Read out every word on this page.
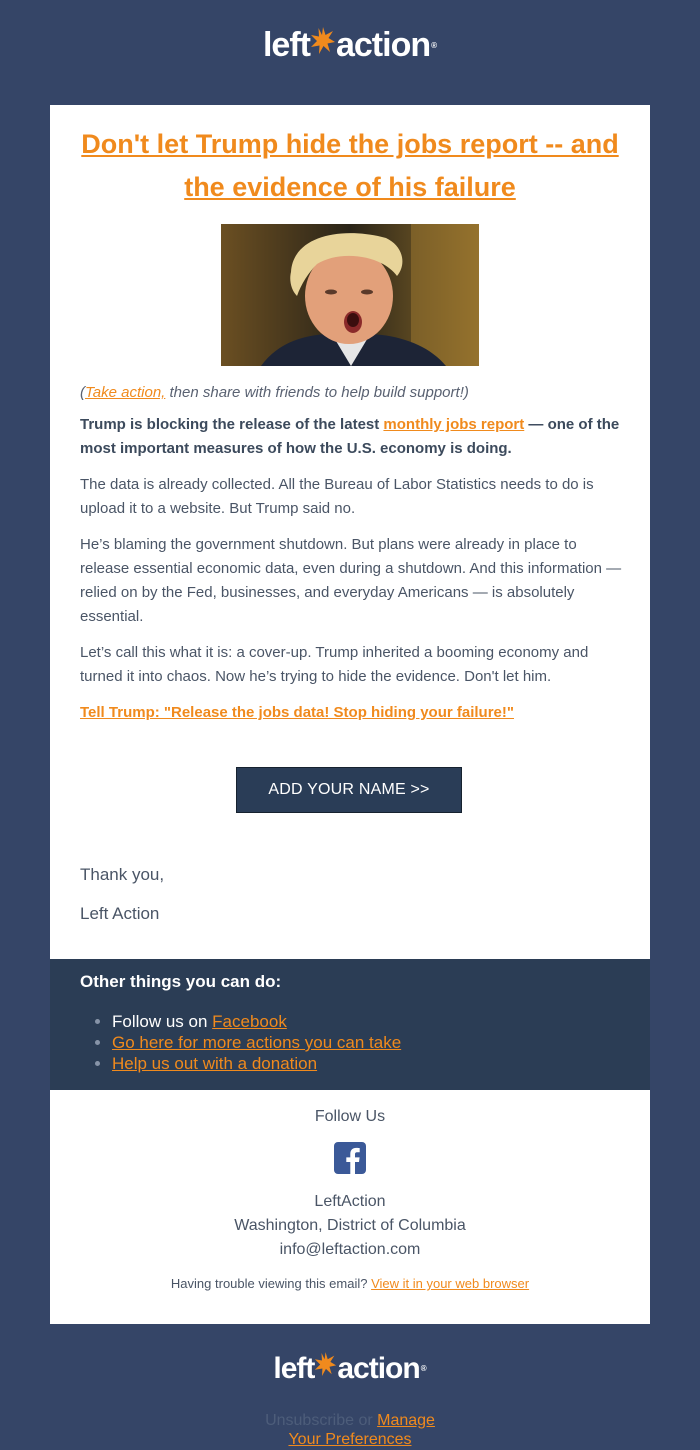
left action ®
Don't let Trump hide the jobs report -- and the evidence of his failure

(Take action, then share with friends to help build support!)

Trump is blocking the release of the latest monthly jobs report — one of the most important measures of how the U.S. economy is doing.

The data is already collected. All the Bureau of Labor Statistics needs to do is upload it to a website. But Trump said no.

He’s blaming the government shutdown. But plans were already in place to release essential economic data, even during a shutdown. And this information — relied on by the Fed, businesses, and everyday Americans — is absolutely essential.

Let’s call this what it is: a cover-up. Trump inherited a booming economy and turned it into chaos. Now he’s trying to hide the evidence. Don't let him.

Tell Trump: "Release the jobs data! Stop hiding your failure!"

ADD YOUR NAME >>
Thank you,
Left Action
Other things you can do:
• Follow us on Facebook
• Go here for more actions you can take
• Help us out with a donation
Follow Us
LeftAction
Washington, District of Columbia
info@leftaction.com
Having trouble viewing this email? View it in your web browser
left action ®
Unsubscribe or Manage
Your Preferences
